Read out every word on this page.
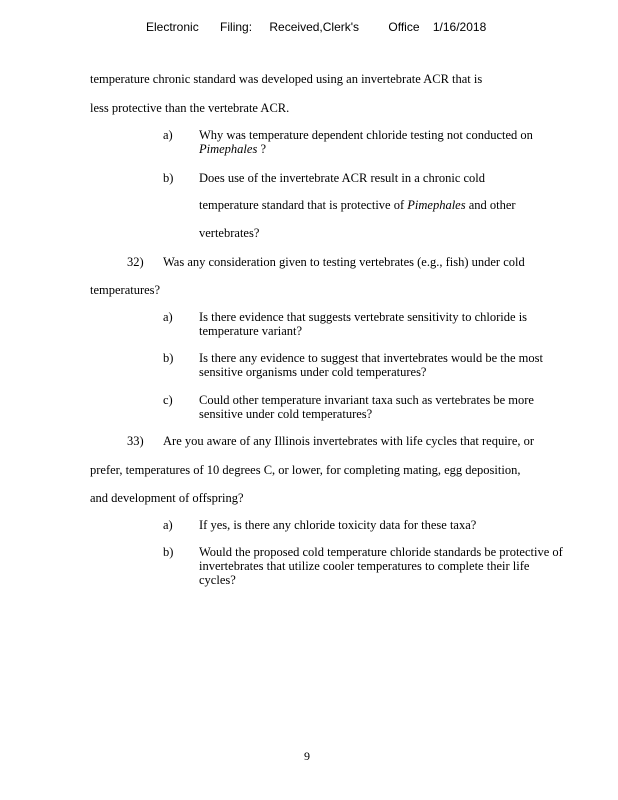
Electronic Filing: Received,Clerk's Office 1/16/2018
temperature chronic standard was developed using an invertebrate ACR that is
less protective than the vertebrate ACR.
a) Why was temperature dependent chloride testing not conducted on
Pimephales ?
b) Does use of the invertebrate ACR result in a chronic cold
temperature standard that is protective of Pimephales and other
vertebrates?
32) Was any consideration given to testing vertebrates (e.g., fish) under cold
temperatures?
a) Is there evidence that suggests vertebrate sensitivity to chloride is temperature variant?
b) Is there any evidence to suggest that invertebrates would be the most sensitive organisms under cold temperatures?
c) Could other temperature invariant taxa such as vertebrates be more sensitive under cold temperatures?
33) Are you aware of any Illinois invertebrates with life cycles that require, or
prefer, temperatures of 10 degrees C, or lower, for completing mating, egg deposition,
and development of offspring?
a) If yes, is there any chloride toxicity data for these taxa?
b) Would the proposed cold temperature chloride standards be protective of invertebrates that utilize cooler temperatures to complete their life cycles?
9
